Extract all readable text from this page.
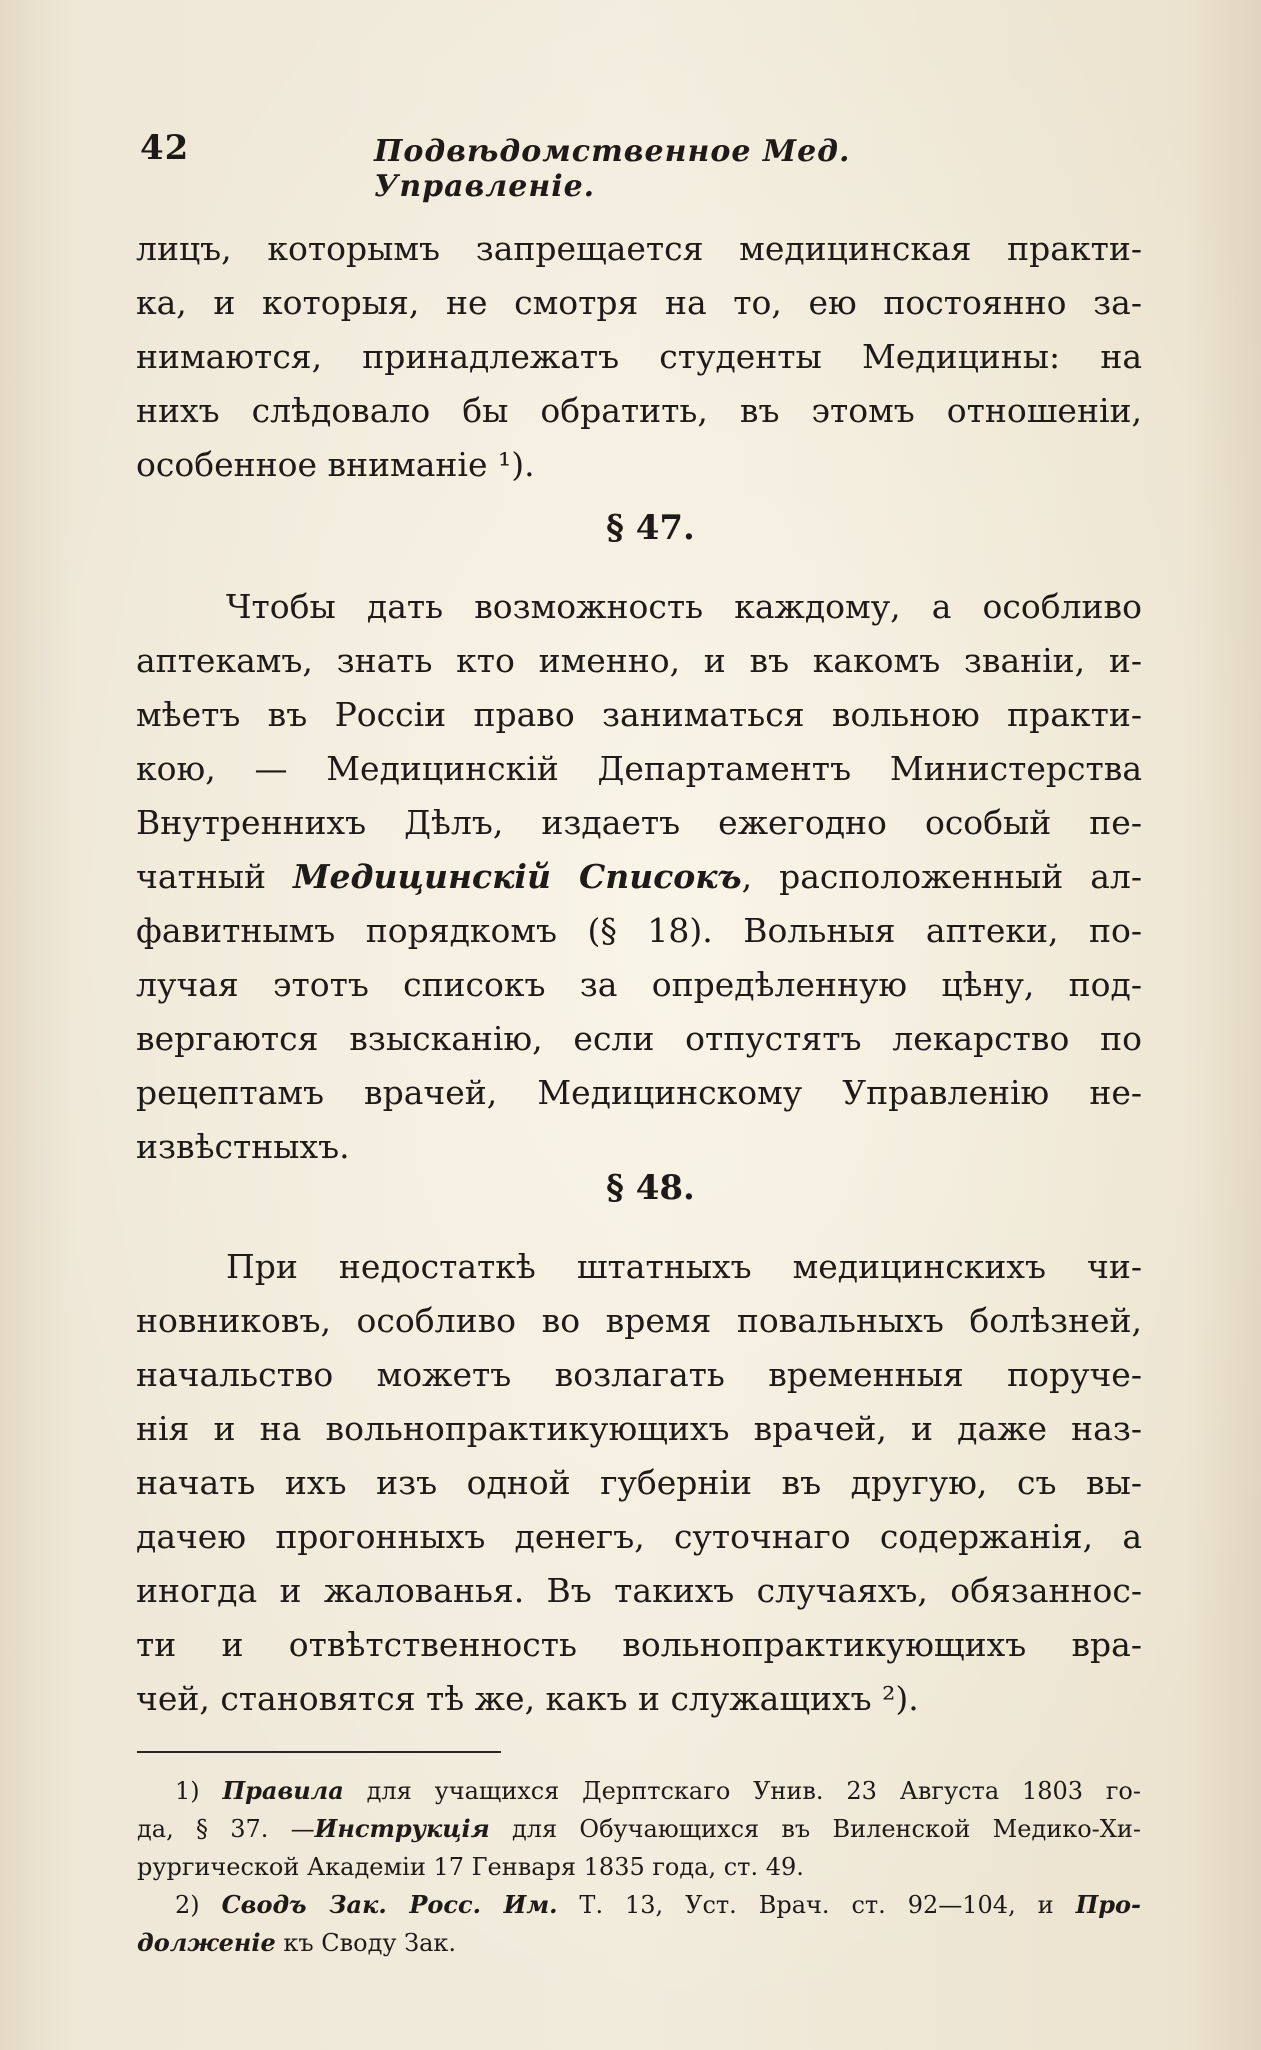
42	Подвѣдомственное Мед. Управленіе.
лицъ, которымъ запрещается медицинская практи-
ка, и которыя, не смотря на то, ею постоянно за-
нимаются, принадлежатъ студенты Медицины: на
нихъ слѣдовало бы обратить, въ этомъ отношеніи,
особенное вниманіе ¹).
§ 47.
Чтобы дать возможность каждому, а особливо
аптекамъ, знать кто именно, и въ какомъ званіи, и-
мѣетъ въ Россіи право заниматься вольною практи-
кою, — Медицинскій Департаментъ Министерства
Внутреннихъ Дѣлъ, издаетъ ежегодно особый пе-
чатный Медицинскій Списокъ, расположенный ал-
фавитнымъ порядкомъ (§ 18). Вольныя аптеки, по-
лучая этотъ списокъ за опредѣленную цѣну, под-
вергаются взысканію, если отпустятъ лекарство по
рецептамъ врачей, Медицинскому Управленію не-
извѣстныхъ.
§ 48.
При недостаткѣ штатныхъ медицинскихъ чи-
новниковъ, особливо во время повальныхъ болѣзней,
начальство можетъ возлагать временныя поруче-
нія и на вольнопрактикующихъ врачей, и даже наз-
начать ихъ изъ одной губерніи въ другую, съ вы-
дачею прогонныхъ денегъ, суточнаго содержанія, а
иногда и жалованья. Въ такихъ случаяхъ, обязаннос-
ти и отвѣтственность вольнопрактикующихъ вра-
чей, становятся тѣ же, какъ и служащихъ ²).
1) Правила для учащихся Дерптскаго Унив. 23 Августа 1803 го-
да, § 37. —Инструкція для Обучающихся въ Виленской Медико-Хи-
рургической Академіи 17 Генваря 1835 года, ст. 49.
2) Сводъ Зак. Росс. Им. Т. 13, Уст. Врач. ст. 92—104, и Про-
долженіе къ Своду Зак.
